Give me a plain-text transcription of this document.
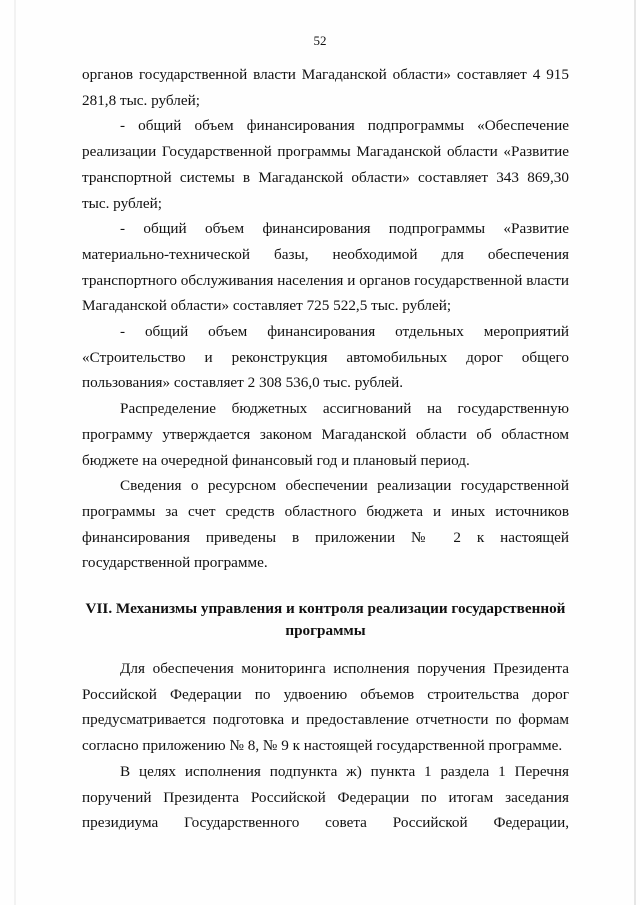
52

органов государственной власти Магаданской области» составляет 4 915 281,8 тыс. рублей;

- общий объем финансирования подпрограммы «Обеспечение реализации Государственной программы Магаданской области «Развитие транспортной системы в Магаданской области» составляет 343 869,30 тыс. рублей;

- общий объем финансирования подпрограммы «Развитие материально-технической базы, необходимой для обеспечения транспортного обслуживания населения и органов государственной власти Магаданской области» составляет 725 522,5 тыс. рублей;

- общий объем финансирования отдельных мероприятий «Строительство и реконструкция автомобильных дорог общего пользования» составляет 2 308 536,0 тыс. рублей.

Распределение бюджетных ассигнований на государственную программу утверждается законом Магаданской области об областном бюджете на очередной финансовый год и плановый период.

Сведения о ресурсном обеспечении реализации государственной программы за счет средств областного бюджета и иных источников финансирования приведены в приложении № 2 к настоящей государственной программе.

VII. Механизмы управления и контроля реализации государственной программы

Для обеспечения мониторинга исполнения поручения Президента Российской Федерации по удвоению объемов строительства дорог предусматривается подготовка и предоставление отчетности по формам согласно приложению № 8, № 9 к настоящей государственной программе.

В целях исполнения подпункта ж) пункта 1 раздела 1 Перечня поручений Президента Российской Федерации по итогам заседания президиума Государственного совета Российской Федерации,
